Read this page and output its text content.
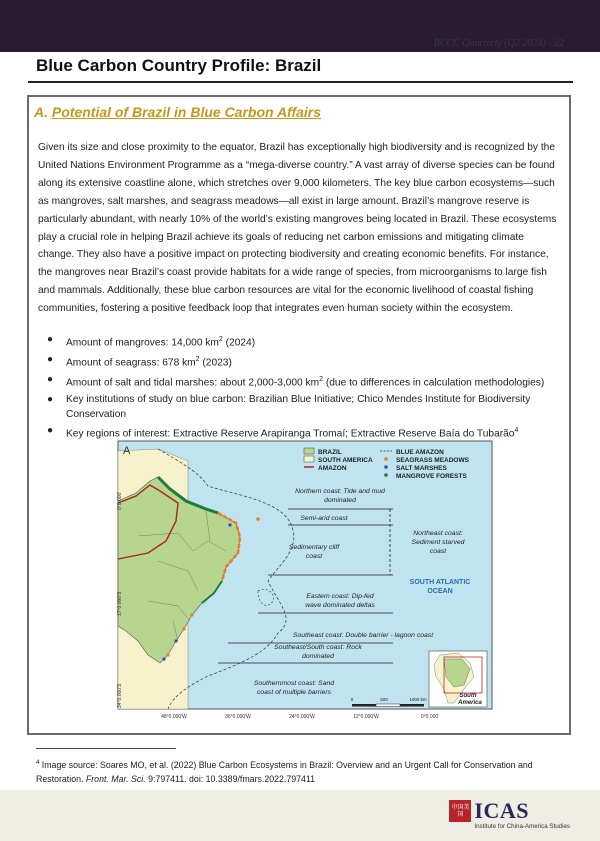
BCCC Quarterly (Q2 2024) - 22
Blue Carbon Country Profile: Brazil
A. Potential of Brazil in Blue Carbon Affairs

Given its size and close proximity to the equator, Brazil has exceptionally high biodiversity and is recognized by the United Nations Environment Programme as a “mega-diverse country.” A vast array of diverse species can be found along its extensive coastline alone, which stretches over 9,000 kilometers. The key blue carbon ecosystems—such as mangroves, salt marshes, and seagrass meadows—all exist in large amount. Brazil’s mangrove reserve is particularly abundant, with nearly 10% of the world’s existing mangroves being located in Brazil. These ecosystems play a crucial role in helping Brazil achieve its goals of reducing net carbon emissions and mitigating climate change. They also have a positive impact on protecting biodiversity and creating economic benefits. For instance, the mangroves near Brazil’s coast provide habitats for a wide range of species, from microorganisms to large fish and mammals. Additionally, these blue carbon resources are vital for the economic livelihood of coastal fishing communities, fostering a positive feedback loop that integrates even human society within the ecosystem.

● Amount of mangroves: 14,000 $km^2$ (2024)
● Amount of seagrass: 678 $km^2$ (2023)
● Amount of salt and tidal marshes: about 2,000-3,000 $km^2$ (due to differences in calculation methodologies)
● Key institutions of study on blue carbon: Brazilian Blue Initiative; Chico Mendes Institute for Biodiversity Conservation
● Key regions of interest: Extractive Reserve Arapiranga Tromaí; Extractive Reserve Baía do Tubarão$^4$
A	BRAZIL
SOUTH AMERICA
AMAZON
BLUE AMAZON
SEAGRASS MEADOWS
SALT MARSHES
MANGROVE FORESTS
Northern coast: Tide and mud
dominated
Semi-arid coast
Sedimentary cliff
coast
Northeast coast:
Sediment starved
coast
Eastern coast: Dip-fed
wave dominated deltas
Southeast coast: Double barrier - lagoon coast
Southeast/South coast: Rock
dominated
Southernmost coast: Sand
coast of multiple barriers
SOUTH ATLANTIC
OCEAN
0	500	1000 km
South
America
0°0.000'
17°0.000'S
34°0.000'S
48°0.000'W	36°0.000'W	24°0.000'W	12°0.000'W	0°0.000'

$^4$ Image source: Soares MO, et al. (2022) Blue Carbon Ecosystems in Brazil: Overview and an Urgent Call for Conservation and Restoration. Front. Mar. Sci. 9:797411. doi: 10.3389/fmars.2022.797411

中国美国 ICAS
Institute for China-America Studies
